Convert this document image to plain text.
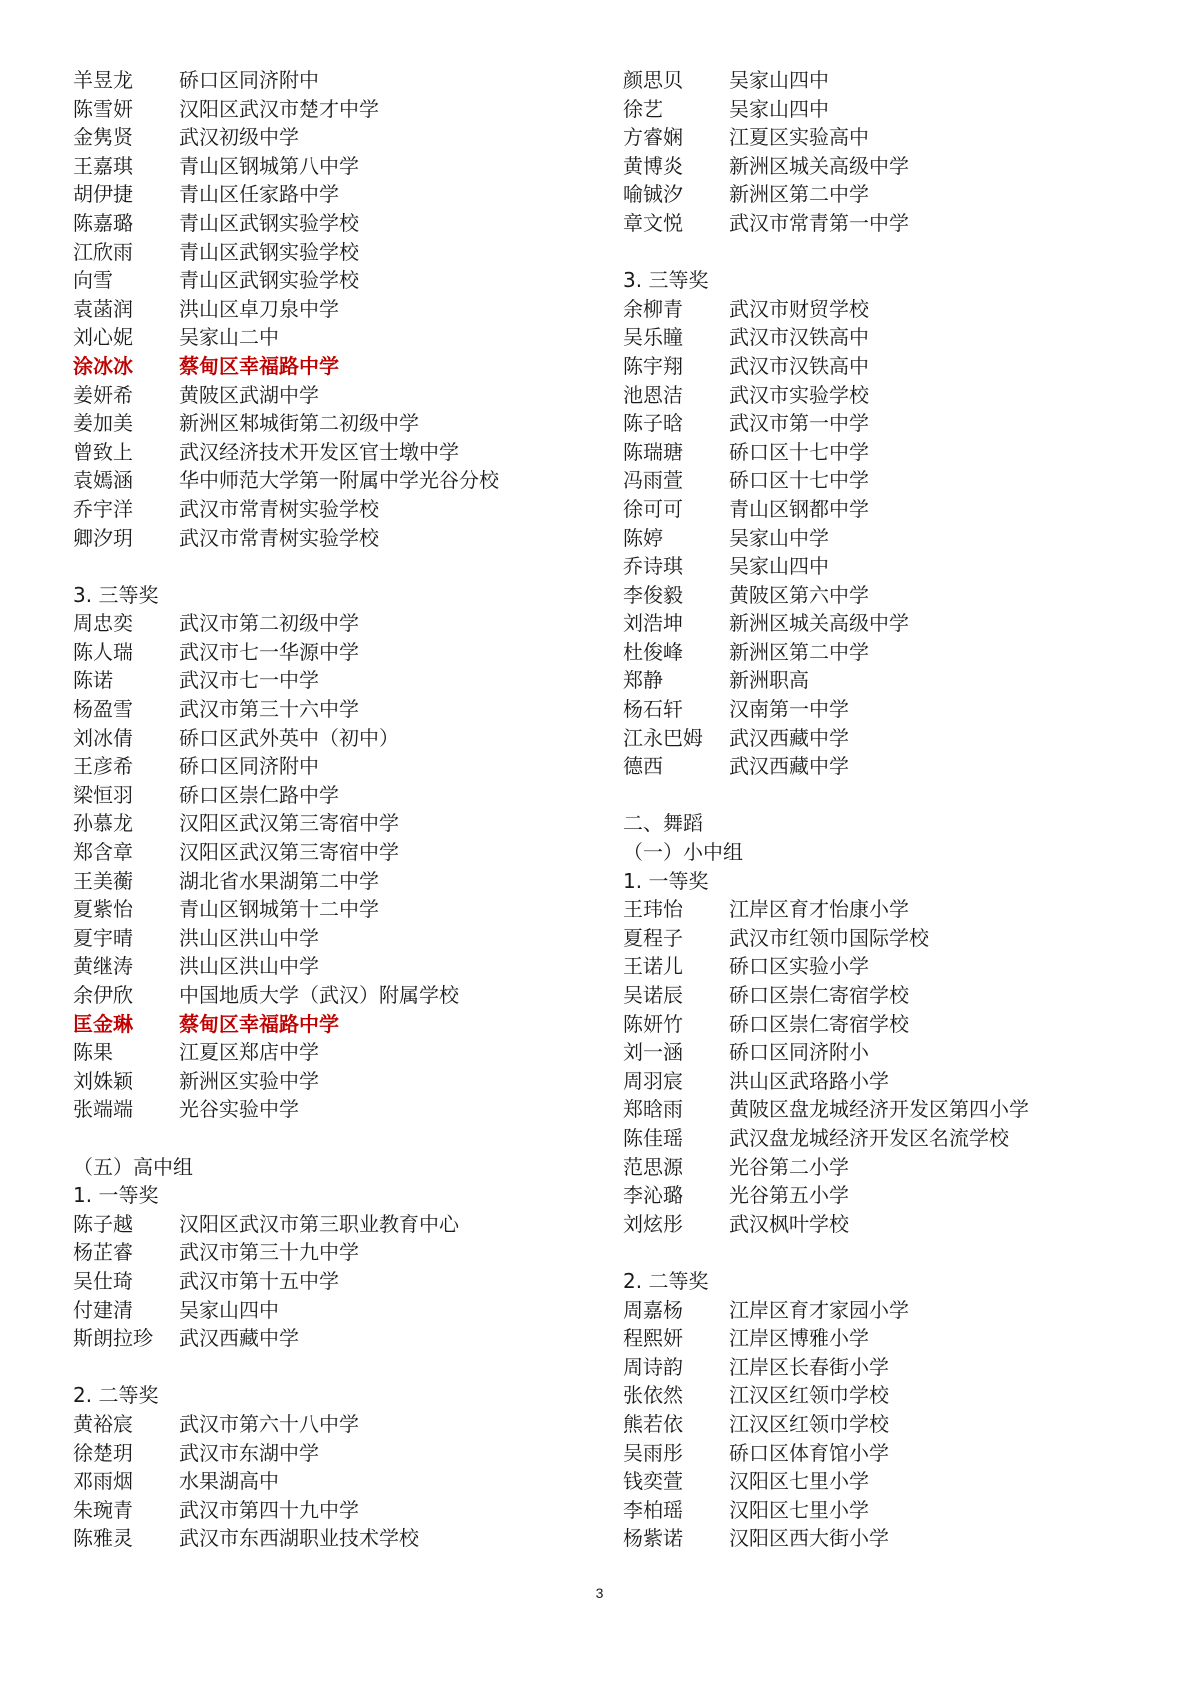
羊昱龙 硚口区同济附中
陈雪妍 汉阳区武汉市楚才中学
金隽贤 武汉初级中学
王嘉琪 青山区钢城第八中学
胡伊捷 青山区任家路中学
陈嘉璐 青山区武钢实验学校
江欣雨 青山区武钢实验学校
向雪	青山区武钢实验学校
袁菡润 洪山区卓刀泉中学
刘心妮 吴家山二中
涂冰冰 蔡甸区幸福路中学
姜妍希 黄陂区武湖中学
姜加美 新洲区邾城街第二初级中学
曾致上 武汉经济技术开发区官士墩中学
袁嫣涵 华中师范大学第一附属中学光谷分校
乔宇洋 武汉市常青树实验学校
卿汐玥 武汉市常青树实验学校
3. 三等奖
周忠奕 武汉市第二初级中学
陈人瑞 武汉市七一华源中学
陈诺	武汉市七一中学
杨盈雪 武汉市第三十六中学
刘冰倩 硚口区武外英中（初中）
王彦希 硚口区同济附中
梁恒羽 硚口区崇仁路中学
孙慕龙 汉阳区武汉第三寄宿中学
郑含章 汉阳区武汉第三寄宿中学
王美蘅 湖北省水果湖第二中学
夏紫怡 青山区钢城第十二中学
夏宇晴 洪山区洪山中学
黄继涛 洪山区洪山中学
余伊欣 中国地质大学（武汉）附属学校
匡金琳 蔡甸区幸福路中学
陈果	江夏区郑店中学
刘姝颖 新洲区实验中学
张端端 光谷实验中学
（五）高中组
1. 一等奖
陈子越 汉阳区武汉市第三职业教育中心
杨芷睿 武汉市第三十九中学
吴仕琦 武汉市第十五中学
付建清 吴家山四中
斯朗拉珍 武汉西藏中学
2. 二等奖
黄裕宸 武汉市第六十八中学
徐楚玥 武汉市东湖中学
邓雨烟 水果湖高中
朱琬青 武汉市第四十九中学
陈雅灵 武汉市东西湖职业技术学校
颜思贝 吴家山四中
徐艺	吴家山四中
方睿娴 江夏区实验高中
黄博炎 新洲区城关高级中学
喻铖汐 新洲区第二中学
章文悦 武汉市常青第一中学
3. 三等奖
余柳青 武汉市财贸学校
吴乐瞳 武汉市汉铁高中
陈宇翔 武汉市汉铁高中
池恩洁 武汉市实验学校
陈子晗 武汉市第一中学
陈瑞瑭 硚口区十七中学
冯雨萱 硚口区十七中学
徐可可 青山区钢都中学
陈婷	吴家山中学
乔诗琪 吴家山四中
李俊毅 黄陂区第六中学
刘浩坤 新洲区城关高级中学
杜俊峰 新洲区第二中学
郑静	新洲职高
杨石轩 汉南第一中学
江永巴姆 武汉西藏中学
德西	武汉西藏中学
二、舞蹈
（一）小中组
1. 一等奖
王玮怡 江岸区育才怡康小学
夏程子 武汉市红领巾国际学校
王诺儿 硚口区实验小学
吴诺辰 硚口区崇仁寄宿学校
陈妍竹 硚口区崇仁寄宿学校
刘一涵 硚口区同济附小
周羽宸 洪山区武珞路小学
郑晗雨 黄陂区盘龙城经济开发区第四小学
陈佳瑶 武汉盘龙城经济开发区名流学校
范思源 光谷第二小学
李沁璐 光谷第五小学
刘炫彤 武汉枫叶学校
2. 二等奖
周嘉杨 江岸区育才家园小学
程熙妍 江岸区博雅小学
周诗韵 江岸区长春街小学
张依然 江汉区红领巾学校
熊若依 江汉区红领巾学校
吴雨彤 硚口区体育馆小学
钱奕萱 汉阳区七里小学
李柏瑶 汉阳区七里小学
杨紫诺 汉阳区西大街小学
3
